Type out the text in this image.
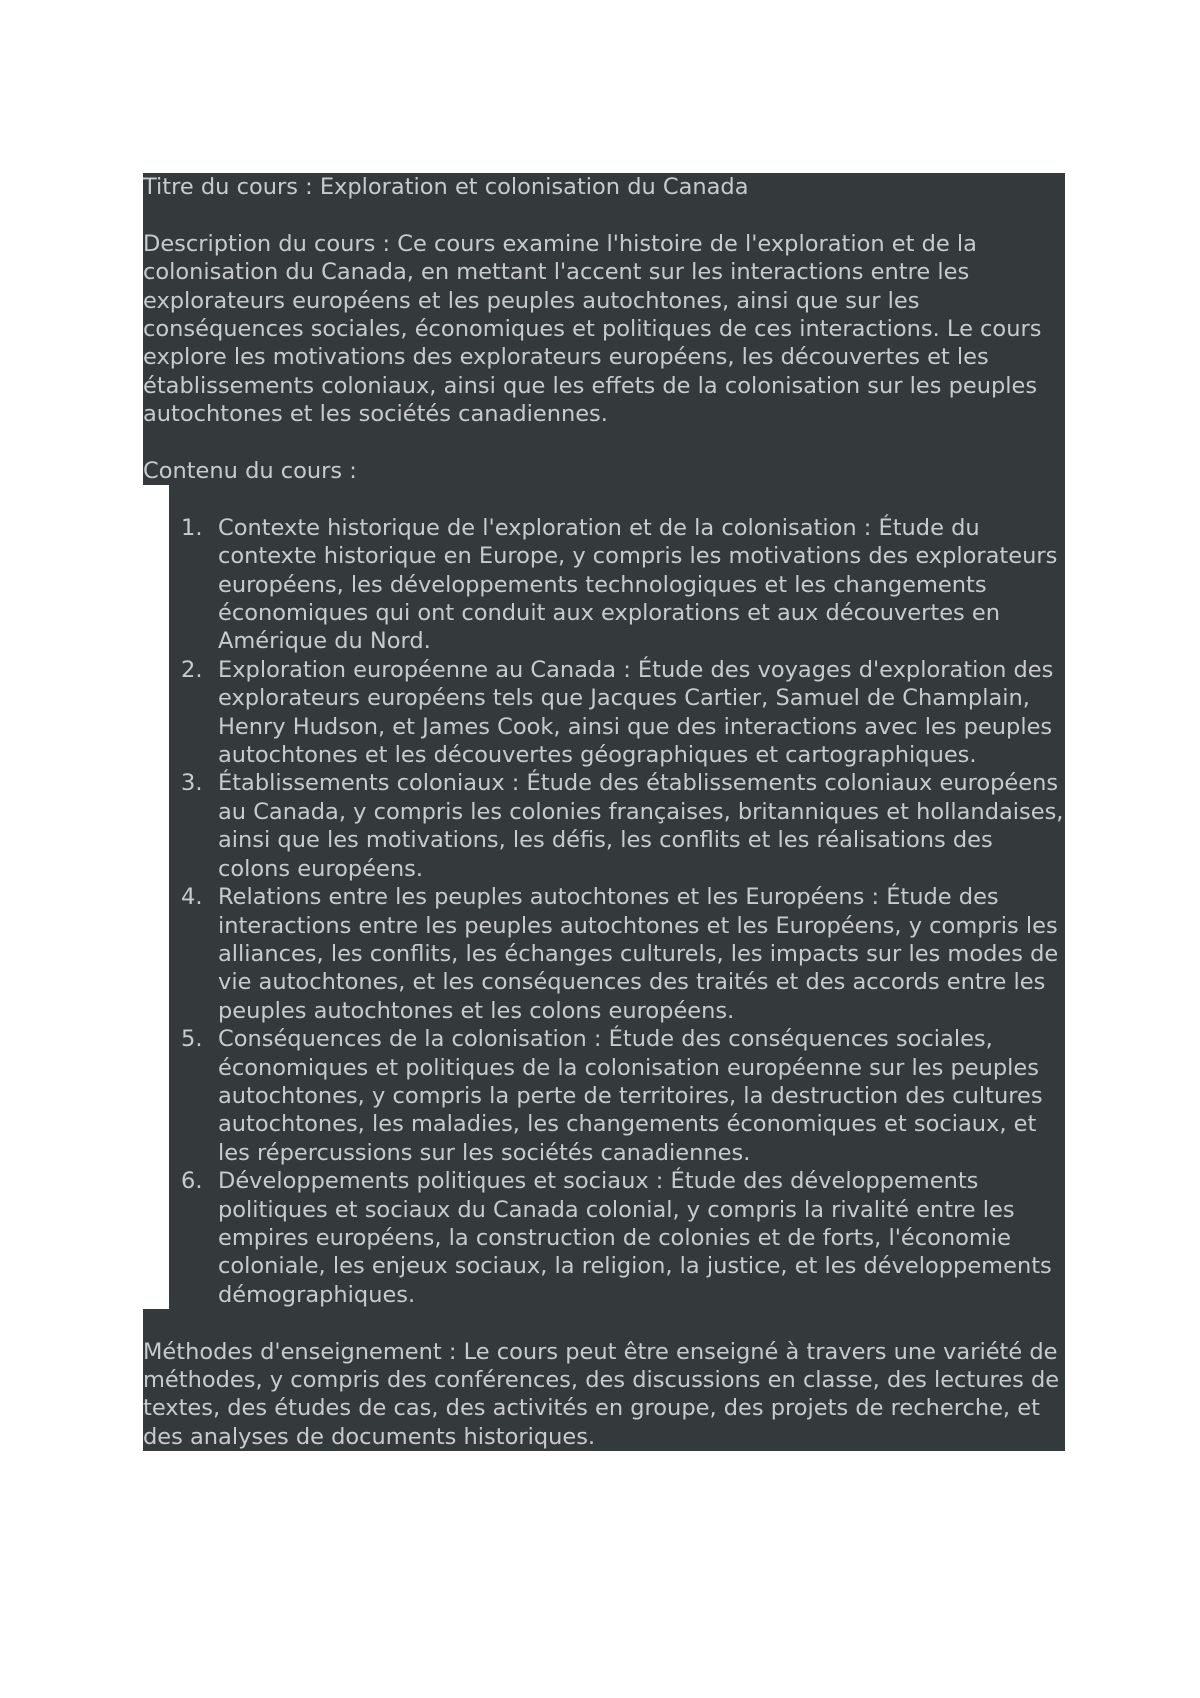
Titre du cours : Exploration et colonisation du Canada

Description du cours : Ce cours examine l'histoire de l'exploration et de la colonisation du Canada, en mettant l'accent sur les interactions entre les explorateurs européens et les peuples autochtones, ainsi que sur les conséquences sociales, économiques et politiques de ces interactions. Le cours explore les motivations des explorateurs européens, les découvertes et les établissements coloniaux, ainsi que les effets de la colonisation sur les peuples autochtones et les sociétés canadiennes.

Contenu du cours :

1. Contexte historique de l'exploration et de la colonisation : Étude du contexte historique en Europe, y compris les motivations des explorateurs européens, les développements technologiques et les changements économiques qui ont conduit aux explorations et aux découvertes en Amérique du Nord.
2. Exploration européenne au Canada : Étude des voyages d'exploration des explorateurs européens tels que Jacques Cartier, Samuel de Champlain, Henry Hudson, et James Cook, ainsi que des interactions avec les peuples autochtones et les découvertes géographiques et cartographiques.
3. Établissements coloniaux : Étude des établissements coloniaux européens au Canada, y compris les colonies françaises, britanniques et hollandaises, ainsi que les motivations, les défis, les conflits et les réalisations des colons européens.
4. Relations entre les peuples autochtones et les Européens : Étude des interactions entre les peuples autochtones et les Européens, y compris les alliances, les conflits, les échanges culturels, les impacts sur les modes de vie autochtones, et les conséquences des traités et des accords entre les peuples autochtones et les colons européens.
5. Conséquences de la colonisation : Étude des conséquences sociales, économiques et politiques de la colonisation européenne sur les peuples autochtones, y compris la perte de territoires, la destruction des cultures autochtones, les maladies, les changements économiques et sociaux, et les répercussions sur les sociétés canadiennes.
6. Développements politiques et sociaux : Étude des développements politiques et sociaux du Canada colonial, y compris la rivalité entre les empires européens, la construction de colonies et de forts, l'économie coloniale, les enjeux sociaux, la religion, la justice, et les développements démographiques.

Méthodes d'enseignement : Le cours peut être enseigné à travers une variété de méthodes, y compris des conférences, des discussions en classe, des lectures de textes, des études de cas, des activités en groupe, des projets de recherche, et des analyses de documents historiques.
